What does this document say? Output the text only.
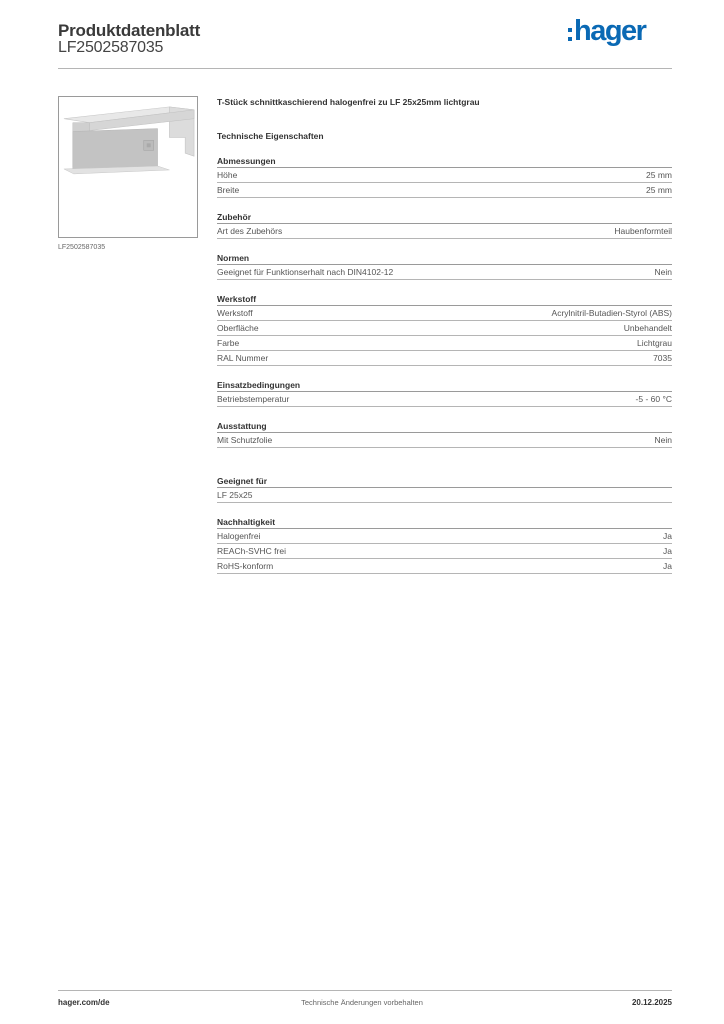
Produktdatenblatt
LF2502587035
hager
LF2502587035
T-Stück schnittkaschierend halogenfrei zu LF 25x25mm lichtgrau
Technische Eigenschaften
Abmessungen
Höhe	25 mm
Breite	25 mm
Zubehör
Art des Zubehörs	Haubenformteil
Normen
Geeignet für Funktionserhalt nach DIN4102-12	Nein
Werkstoff
Werkstoff	Acrylnitril-Butadien-Styrol (ABS)
Oberfläche	Unbehandelt
Farbe	Lichtgrau
RAL Nummer	7035
Einsatzbedingungen
Betriebstemperatur	-5 - 60 °C
Ausstattung
Mit Schutzfolie	Nein
Geeignet für
LF 25x25
Nachhaltigkeit
Halogenfrei	Ja
REACh-SVHC frei	Ja
RoHS-konform	Ja
hager.com/de	Technische Änderungen vorbehalten	20.12.2025
